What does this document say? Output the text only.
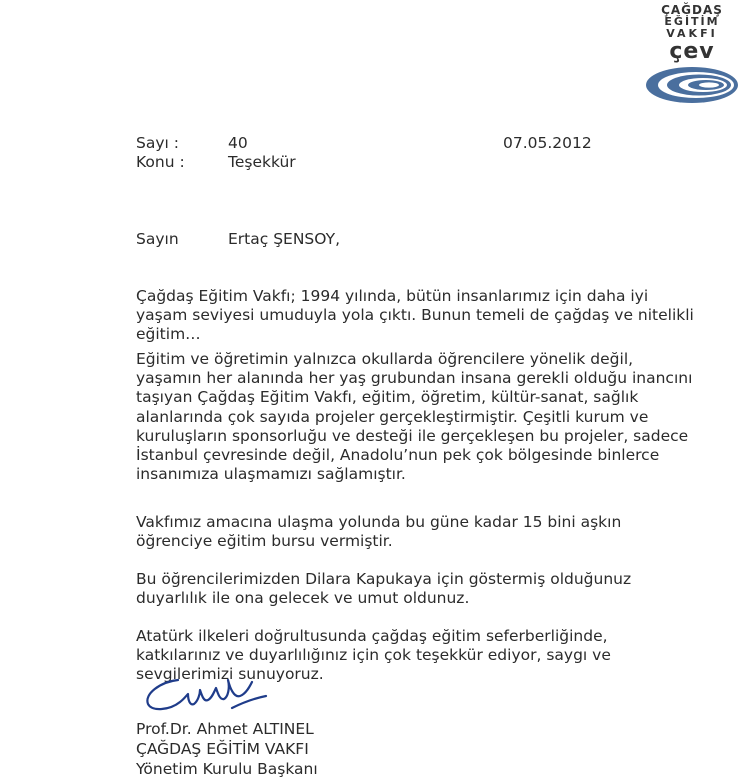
ÇAĞDAŞ
EĞİTİM
VAKFI
çev
Sayı :	40
Konu :	Teşekkür
07.05.2012
Sayın	Ertaç ŞENSOY,
Çağdaş Eğitim Vakfı; 1994 yılında, bütün insanlarımız için daha iyi yaşam seviyesi umuduyla yola çıktı. Bunun temeli de çağdaş ve nitelikli eğitim…
Eğitim ve öğretimin yalnızca okullarda öğrencilere yönelik değil, yaşamın her alanında her yaş grubundan insana gerekli olduğu inancını taşıyan Çağdaş Eğitim Vakfı, eğitim, öğretim, kültür-sanat, sağlık alanlarında çok sayıda projeler gerçekleştirmiştir. Çeşitli kurum ve kuruluşların sponsorluğu ve desteği ile gerçekleşen bu projeler, sadece İstanbul çevresinde değil, Anadolu’nun pek çok bölgesinde binlerce insanımıza ulaşmamızı sağlamıştır.
Vakfımız amacına ulaşma yolunda bu güne kadar 15 bini aşkın öğrenciye eğitim bursu vermiştir.
Bu öğrencilerimizden Dilara Kapukaya için göstermiş olduğunuz duyarlılık ile ona gelecek ve umut oldunuz.
Atatürk ilkeleri doğrultusunda çağdaş eğitim seferberliğinde, katkılarınız ve duyarlılığınız için çok teşekkür ediyor, saygı ve sevgilerimizi sunuyoruz.
Prof.Dr. Ahmet ALTINEL
ÇAĞDAŞ EĞİTİM VAKFI
Yönetim Kurulu Başkanı
